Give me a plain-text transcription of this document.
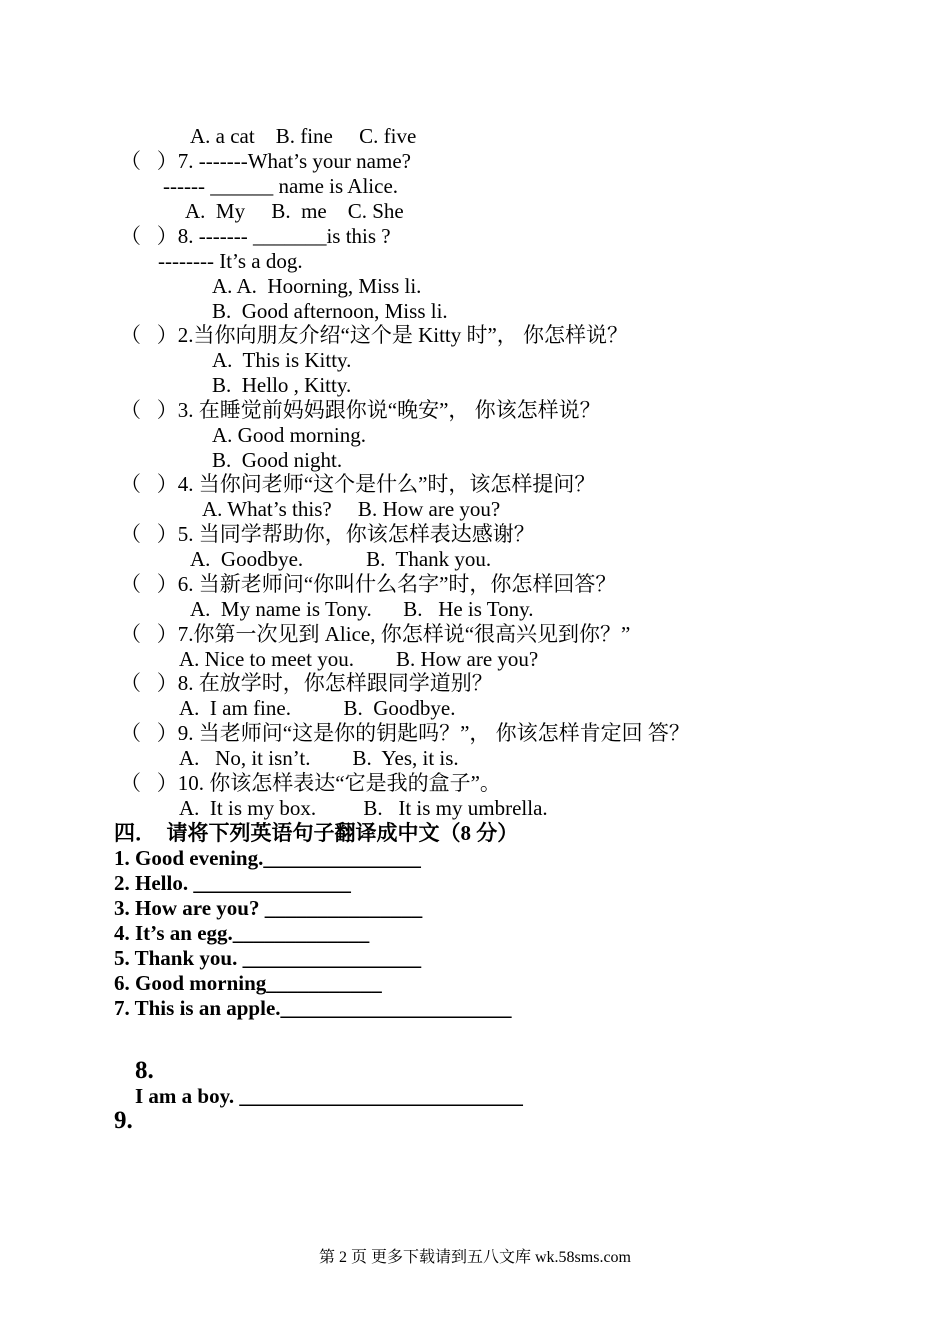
A. a cat    B. fine     C. five
（   ）7. -------What’s your name?
------ ______ name is Alice.
A.  My     B.  me    C. She
（   ）8. ------- _______is this ?
-------- It’s a dog.
A. A.  Hoorning, Miss li.
B.  Good afternoon, Miss li.
（   ）2.当你向朋友介绍“这个是 Kitty 时”， 你怎样说？
A.  This is Kitty.
B.  Hello , Kitty.
（   ）3. 在睡觉前妈妈跟你说“晚安”， 你该怎样说？
A. Good morning.
B.  Good night.
（   ）4. 当你问老师“这个是什么”时，该怎样提问？
A. What’s this?     B. How are you?
（   ）5. 当同学帮助你，你该怎样表达感谢？
A.  Goodbye.            B.  Thank you.
（   ）6. 当新老师问“你叫什么名字”时，你怎样回答？
A.  My name is Tony.      B.   He is Tony.
（   ）7.你第一次见到 Alice, 你怎样说“很高兴见到你？”
A. Nice to meet you.        B. How are you?
（   ）8. 在放学时，你怎样跟同学道别？
A.  I am fine.          B.  Goodbye.
（   ）9. 当老师问“这是你的钥匙吗？”， 你该怎样肯定回 答？
A.   No, it isn’t.        B.  Yes, it is.
（   ）10. 你该怎样表达“它是我的盒子”。
A.  It is my box.         B.   It is my umbrella.
四．  请将下列英语句子翻译成中文（8 分）
1. Good evening._______________
2. Hello. _______________
3. How are you? _______________
4. It’s an egg._____________
5. Thank you. _________________
6. Good morning___________
7. This is an apple.______________________

8.
I am a boy. ___________________________

9.
第 2 页 更多下载请到五八文库 wk.58sms.com
